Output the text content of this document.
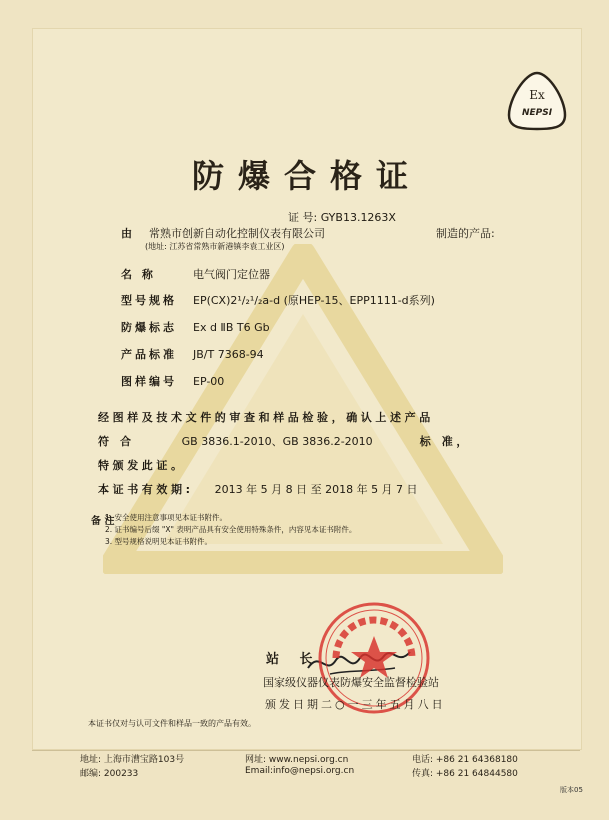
Ex
NEPSI
防爆合格证
证 号: GYB13.1263X
由 常熟市创新自动化控制仪表有限公司	制造的产品:
(地址: 江苏省常熟市新港镇李袁工业区)
名 称	电气阀门定位器
型号规格 EP(CX)2¹/₂¹/₂a-d (原HEP-15、EPP1111-d系列)
防爆标志 Ex d ⅡB T6 Gb
产品标准 JB/T 7368-94
图样编号 EP-00
经图样及技术文件的审查和样品检验，确认上述产品
符 合	GB 3836.1-2010、GB 3836.2-2010	标 准，
特颁发此证。
本证书有效期: 2013 年 5 月 8 日 至 2018 年 5 月 7 日
备 注
1. 安全使用注意事项见本证书附件。
2. 证书编号后缀 "X" 表明产品具有安全使用特殊条件，内容见本证书附件。
3. 型号规格说明见本证书附件。
站 长
国家级仪器仪表防爆安全监督检验站
颁发日期二○一三年五月八日
本证书仅对与认可文件和样品一致的产品有效。
地址: 上海市漕宝路103号
邮编: 200233
网址: www.nepsi.org.cn
Email:info@nepsi.org.cn
电话: +86 21 64368180
传真: +86 21 64844580
版本05
